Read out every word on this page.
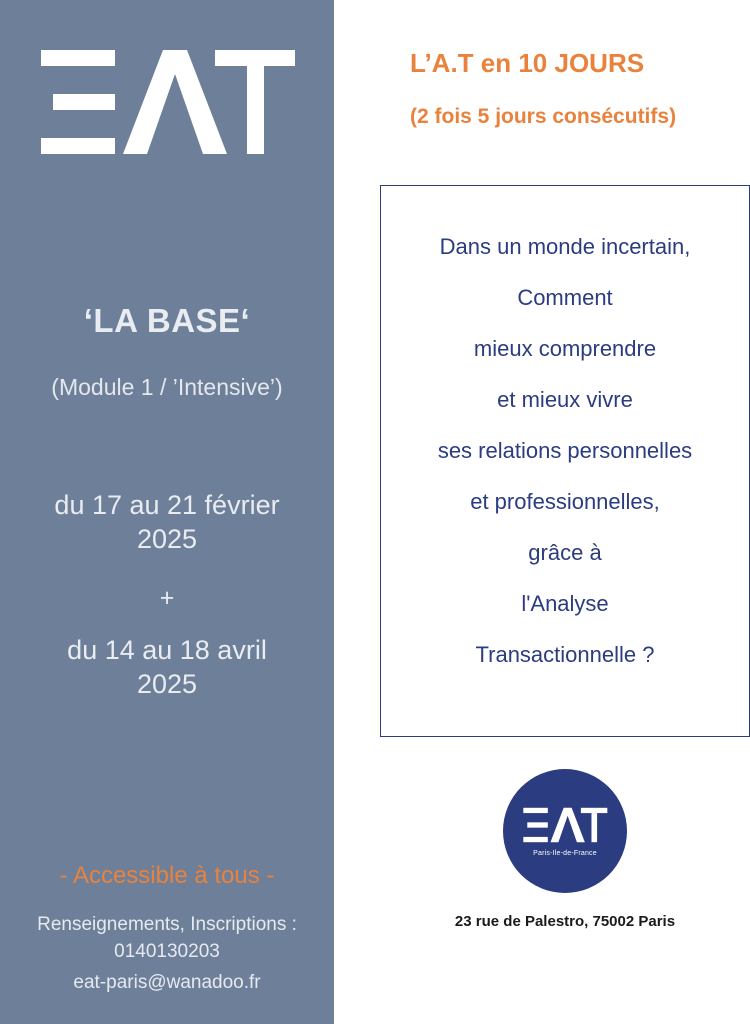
‘LA BASE‘
(Module 1 / ’Intensive’)
du 17 au 21 février
2025
+
du 14 au 18 avril
2025
- Accessible à tous -
Renseignements, Inscriptions :
0140130203
eat-paris@wanadoo.fr
L’A.T en 10 JOURS
(2 fois 5 jours consécutifs)
Dans un monde incertain,
Comment
mieux comprendre
et mieux vivre
ses relations personnelles
et professionnelles,
grâce à
l'Analyse
Transactionnelle ?
Paris-Ile-de-France
23 rue de Palestro, 75002 Paris
